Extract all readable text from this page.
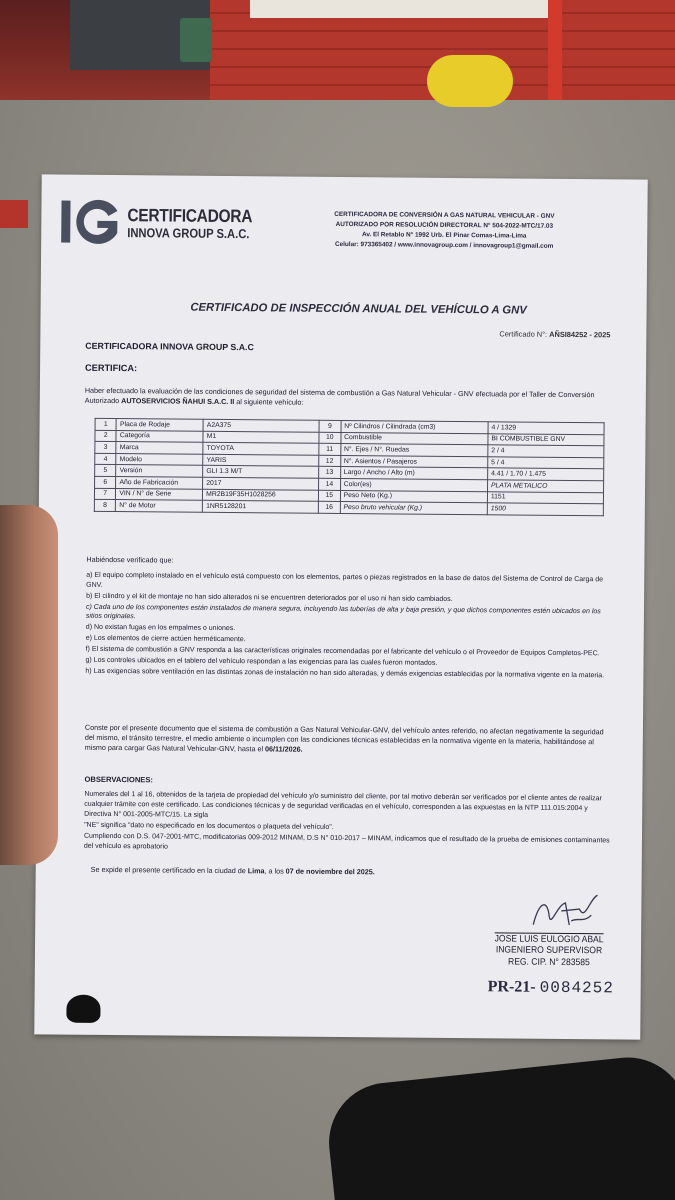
CERTIFICADORA
INNOVA GROUP S.A.C.
CERTIFICADORA DE CONVERSIÓN A GAS NATURAL VEHICULAR - GNV
AUTORIZADO POR RESOLUCIÓN DIRECTORAL N° 504-2022-MTC/17.03
Av. El Retablo N° 1992 Urb. El Pinar Comas-Lima-Lima
Celular: 973365402 / www.innovagroup.com / innovagroup1@gmail.com
CERTIFICADO DE INSPECCIÓN ANUAL DEL VEHÍCULO A GNV
Certificado N°: AÑSI84252 - 2025
CERTIFICADORA INNOVA GROUP S.A.C
CERTIFICA:
Haber efectuado la evaluación de las condiciones de seguridad del sistema de combustión a Gas Natural Vehicular - GNV efectuada por el Taller de Conversión Autorizado AUTOSERVICIOS ÑAHUI S.A.C. II al siguiente vehículo:
1	Placa de Rodaje	A2A375	9	Nº Cilindros / Cilindrada (cm3)	4 / 1329
2	Categoría	M1	10	Combustible	BI COMBUSTIBLE GNV
3	Marca	TOYOTA	11	N°. Ejes / N°. Ruedas	2 / 4
4	Modelo	YARIS	12	N°. Asientos / Pasajeros	5 / 4
5	Versión	GLI 1.3 M/T	13	Largo / Ancho / Alto (m)	4.41 / 1.70 / 1.475
6	Año de Fabricación	2017	14	Color(es)	PLATA METALICO
7	VIN / N° de Serie	MR2B19F35H1028256	15	Peso Neto (Kg.)	1151
8	N° de Motor	1NR5128201	16	Peso bruto vehicular (Kg.)	1500
Habiéndose verificado que:

a) El equipo completo instalado en el vehículo está compuesto con los elementos, partes o piezas registrados en la base de datos del Sistema de Control de Carga de GNV.

b) El cilindro y el kit de montaje no han sido alterados ni se encuentren deteriorados por el uso ni han sido cambiados.

c) Cada uno de los componentes están instalados de manera segura, incluyendo las tuberías de alta y baja presión, y que dichos componentes estén ubicados en los sitios originales.

d) No existan fugas en los empalmes o uniones.

e) Los elementos de cierre actúen herméticamente.

f) El sistema de combustión a GNV responda a las características originales recomendadas por el fabricante del vehículo o el Proveedor de Equipos Completos-PEC.

g) Los controles ubicados en el tablero del vehículo respondan a las exigencias para las cuales fueron montados.

h) Las exigencias sobre ventilación en las distintas zonas de instalación no han sido alteradas, y demás exigencias establecidas por la normativa vigente en la materia.

Conste por el presente documento que el sistema de combustión a Gas Natural Vehicular-GNV, del vehículo antes referido, no afectan negativamente la seguridad del mismo, el tránsito terrestre, el medio ambiente o incumplen con las condiciones técnicas establecidas en la normativa vigente en la materia, habilitándose al mismo para cargar Gas Natural Vehicular-GNV, hasta el 06/11/2026.
OBSERVACIONES:

Numerales del 1 al 16, obtenidos de la tarjeta de propiedad del vehículo y/o suministro del cliente, por tal motivo deberán ser verificados por el cliente antes de realizar cualquier trámite con este certificado. Las condiciones técnicas y de seguridad verificadas en el vehículo, corresponden a las expuestas en la NTP 111.015:2004 y Directiva N° 001-2005-MTC/15. La sigla

"NE" significa "dato no especificado en los documentos o plaqueta del vehículo".

Cumpliendo con D.S. 047-2001-MTC, modificatorias 009-2012 MINAM, D.S N° 010-2017 – MINAM, indicamos que el resultado de la prueba de emisiones contaminantes del vehículo es aprobatorio

Se expide el presente certificado en la ciudad de Lima, a los 07 de noviembre del 2025.
JOSE LUIS EULOGIO ABAL
INGENIERO SUPERVISOR
REG. CIP. N° 283585
PR-21- 0084252
